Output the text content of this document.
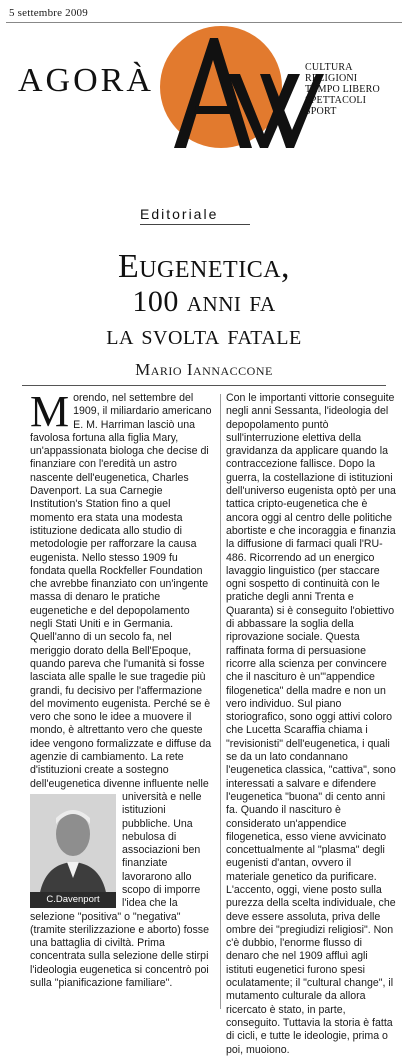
5 settembre 2009
AGORÀ	CULTURA
RELIGIONI
TEMPO LIBERO
SPETTACOLI
SPORT
Editoriale
Eugenetica,
100 anni fa
la svolta fatale
Mario Iannaccone
M orendo, nel settembre del 1909, il miliardario americano E. M. Harriman lasciò una favolosa fortuna alla figlia Mary, un'appassionata biologa che decise di finanziare con l'eredità un astro nascente dell'eugenetica, Charles Davenport. La sua Carnegie Institution's Station fino a quel momento era stata una modesta istituzione dedicata allo studio di metodologie per rafforzare la causa eugenista. Nello stesso 1909 fu fondata quella Rockfeller Foundation che avrebbe finanziato con un'ingente massa di denaro le pratiche eugenetiche e del depopolamento negli Stati Uniti e in Germania. Quell'anno di un secolo fa, nel meriggio dorato della Bell'Epoque, quando pareva che l'umanità si fosse lasciata alle spalle le sue tragedie più grandi, fu decisivo per l'affermazione del movimento eugenista. Perché se è vero che sono le idee a muovere il mondo, è altrettanto vero che queste idee vengono formalizzate e diffuse da agenzie di cambiamento. La rete d'istituzioni create a sostegno dell'eugenetica divenne influente nelle

C.Davenport

università e nelle istituzioni pubbliche. Una nebulosa di associazioni ben finanziate lavorarono allo scopo di imporre l'idea che la selezione "positiva" o "negativa" (tramite sterilizzazione e aborto) fosse una battaglia di civiltà. Prima concentrata sulla selezione delle stirpi l'ideologia eugenetica si concentrò poi sulla "pianificazione familiare".

Con le importanti vittorie conseguite negli anni Sessanta, l'ideologia del depopolamento puntò sull'interruzione elettiva della gravidanza da applicare quando la contraccezione fallisce. Dopo la guerra, la costellazione di istituzioni dell'universo eugenista optò per una tattica cripto-eugenetica che è ancora oggi al centro delle politiche abortiste e che incoraggia e finanzia la diffusione di farmaci quali l'RU-486. Ricorrendo ad un energico lavaggio linguistico (per staccare ogni sospetto di continuità con le pratiche degli anni Trenta e Quaranta) si è conseguito l'obiettivo di abbassare la soglia della riprovazione sociale. Questa raffinata forma di persuasione ricorre alla scienza per convincere che il nascituro è un'"appendice filogenetica" della madre e non un vero individuo. Sul piano storiografico, sono oggi attivi coloro che Lucetta Scaraffia chiama i "revisionisti" dell'eugenetica, i quali se da un lato condannano l'eugenetica classica, "cattiva", sono interessati a salvare e difendere l'eugenetica "buona" di cento anni fa. Quando il nascituro è considerato un'appendice filogenetica, esso viene avvicinato concettualmente al "plasma" degli eugenisti d'antan, ovvero il materiale genetico da purificare. L'accento, oggi, viene posto sulla purezza della scelta individuale, che deve essere assoluta, priva delle ombre dei "pregiudizi religiosi". Non c'è dubbio, l'enorme flusso di denaro che nel 1909 affluì agli istituti eugenetici furono spesi oculatamente; il "cultural change", il mutamento culturale da allora ricercato è stato, in parte, conseguito. Tuttavia la storia è fatta di cicli, e tutte le ideologie, prima o poi, muoiono.
